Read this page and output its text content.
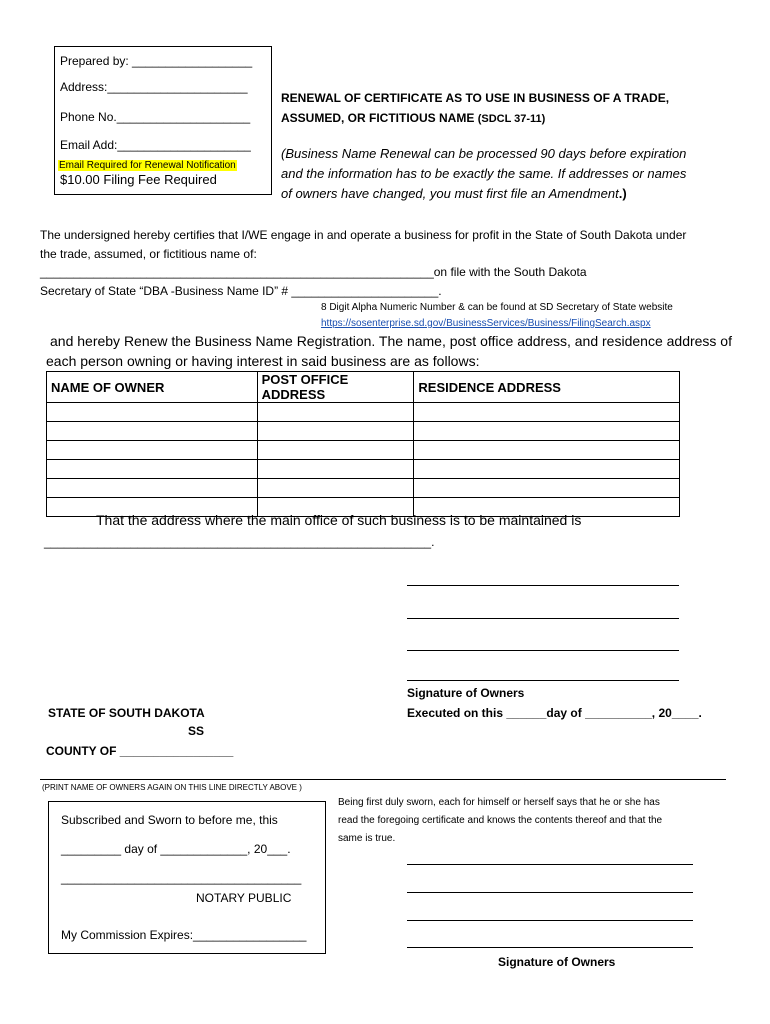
Prepared by: __________________
Address:_____________________
Phone No.____________________
Email Add:____________________
Email Required for Renewal Notification
$10.00 Filing Fee Required
RENEWAL OF CERTIFICATE AS TO USE IN BUSINESS OF A TRADE,
ASSUMED, OR FICTITIOUS NAME (SDCL 37-11)
(Business Name Renewal can be processed 90 days before expiration
and the information has to be exactly the same. If addresses or names
of owners have changed, you must first file an Amendment.)
The undersigned hereby certifies that I/WE engage in and operate a business for profit in the State of South Dakota under
the trade, assumed, or fictitious name of:
___________________________________________________________on file with the South Dakota
Secretary of State “DBA -Business Name ID” # ______________________.
8 Digit Alpha Numeric Number & can be found at SD Secretary of State website
https://sosenterprise.sd.gov/BusinessServices/Business/FilingSearch.aspx
and hereby Renew the Business Name Registration. The name, post office address, and residence address of
each person owning or having interest in said business are as follows:
NAME OF OWNER	POST OFFICE ADDRESS	RESIDENCE ADDRESS

That the address where the main office of such business is to be maintained is
__________________________________________________________.
Signature of Owners
Executed on this ______day of __________, 20____.
STATE OF SOUTH DAKOTA
SS
COUNTY OF _________________
(PRINT NAME OF OWNERS AGAIN ON THIS LINE DIRECTLY ABOVE )
Subscribed and Sworn to before me, this
_________ day of _____________, 20___.
____________________________________
NOTARY PUBLIC
My Commission Expires:_________________
Being first duly sworn, each for himself or herself says that he or she has
read the foregoing certificate and knows the contents thereof and that the
same is true.
Signature of Owners
